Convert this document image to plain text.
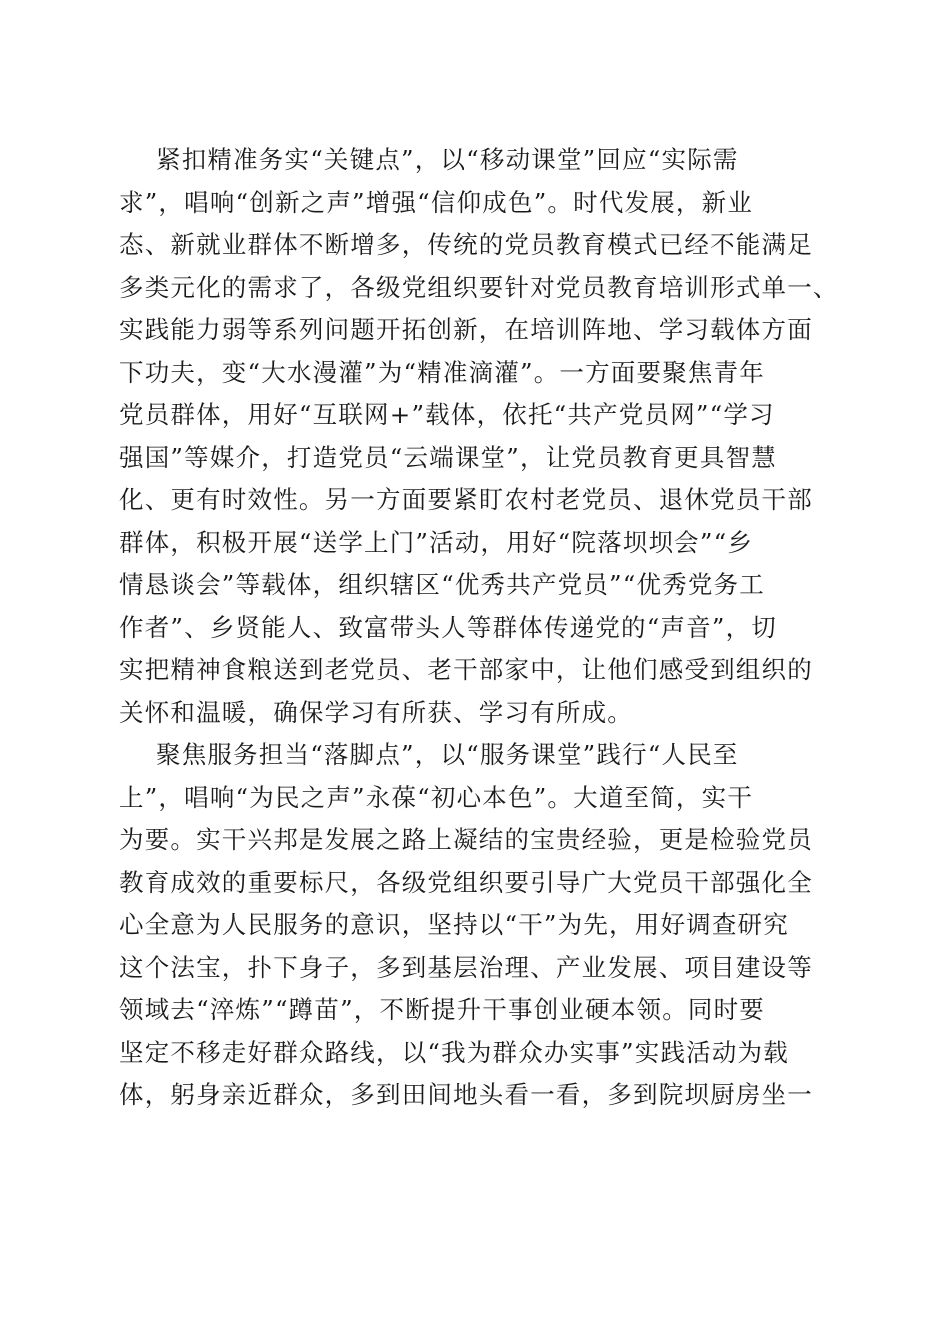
紧扣精准务实“关键点”，以“移动课堂”回应“实际需
求”，唱响“创新之声”增强“信仰成色”。时代发展，新业
态、新就业群体不断增多，传统的党员教育模式已经不能满足
多类元化的需求了，各级党组织要针对党员教育培训形式单一、
实践能力弱等系列问题开拓创新，在培训阵地、学习载体方面
下功夫，变“大水漫灌”为“精准滴灌”。一方面要聚焦青年
党员群体，用好“互联网+”载体，依托“共产党员网”“学习
强国”等媒介，打造党员“云端课堂”，让党员教育更具智慧
化、更有时效性。另一方面要紧盯农村老党员、退休党员干部
群体，积极开展“送学上门”活动，用好“院落坝坝会”“乡
情恳谈会”等载体，组织辖区“优秀共产党员”“优秀党务工
作者”、乡贤能人、致富带头人等群体传递党的“声音”，切
实把精神食粮送到老党员、老干部家中，让他们感受到组织的
关怀和温暖，确保学习有所获、学习有所成。
聚焦服务担当“落脚点”，以“服务课堂”践行“人民至
上”，唱响“为民之声”永葆“初心本色”。大道至简，实干
为要。实干兴邦是发展之路上凝结的宝贵经验，更是检验党员
教育成效的重要标尺，各级党组织要引导广大党员干部强化全
心全意为人民服务的意识，坚持以“干”为先，用好调查研究
这个法宝，扑下身子，多到基层治理、产业发展、项目建设等
领域去“淬炼”“蹲苗”，不断提升干事创业硬本领。同时要
坚定不移走好群众路线，以“我为群众办实事”实践活动为载
体，躬身亲近群众，多到田间地头看一看，多到院坝厨房坐一
